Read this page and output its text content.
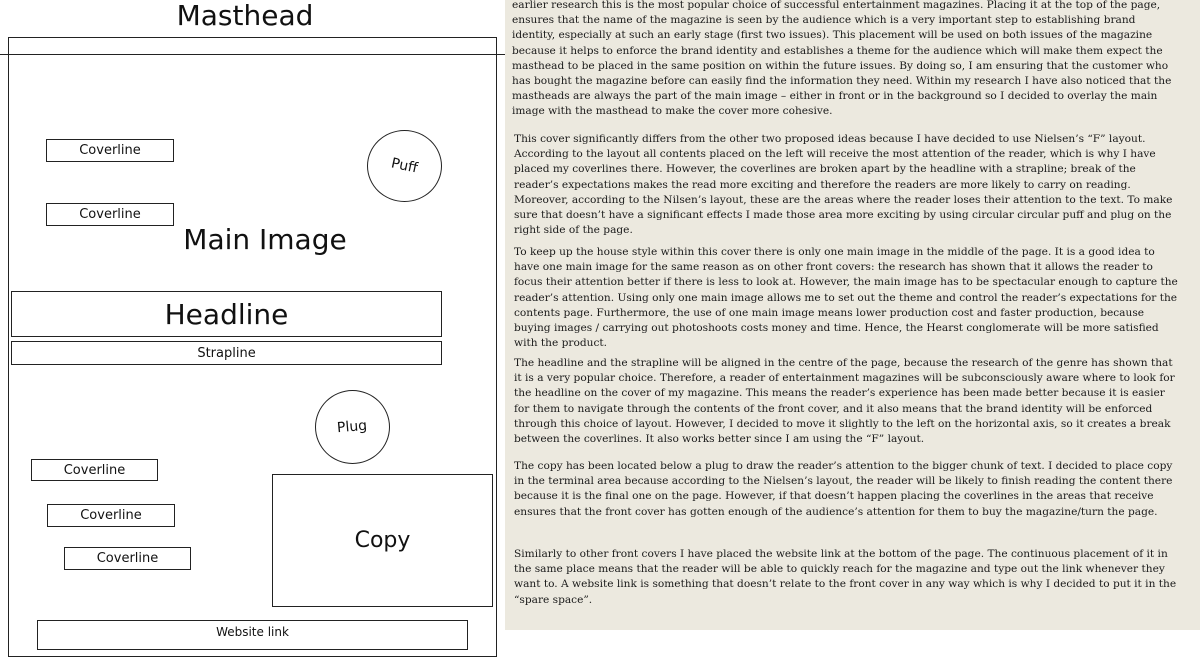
Masthead
Main Image
Coverline
Coverline
Puff
Headline
Strapline
Plug
Coverline
Coverline
Coverline
Copy
Website link

earlier research this is the most popular choice of successful entertainment magazines. Placing it at the top of the page, ensures that the name of the magazine is seen by the audience which is a very important step to establishing brand identity, especially at such an early stage (first two issues). This placement will be used on both issues of the magazine because it helps to enforce the brand identity and establishes a theme for the audience which will make them expect the masthead to be placed in the same position on within the future issues. By doing so, I am ensuring that the customer who has bought the magazine before can easily find the information they need. Within my research I have also noticed that the mastheads are always the part of the main image – either in front or in the background so I decided to overlay the main image with the masthead to make the cover more cohesive.

This cover significantly differs from the other two proposed ideas because I have decided to use Nielsen’s “F” layout. According to the layout all contents placed on the left will receive the most attention of the reader, which is why I have placed my coverlines there. However, the coverlines are broken apart by the headline with a strapline; break of the reader’s expectations makes the read more exciting and therefore the readers are more likely to carry on reading. Moreover, according to the Nilsen’s layout, these are the areas where the reader loses their attention to the text. To make sure that doesn’t have a significant effects I made those area more exciting by using circular circular puff and plug on the right side of the page.

To keep up the house style within this cover there is only one main image in the middle of the page. It is a good idea to have one main image for the same reason as on other front covers: the research has shown that it allows the reader to focus their attention better if there is less to look at. However, the main image has to be spectacular enough to capture the reader’s attention. Using only one main image allows me to set out the theme and control the reader’s expectations for the contents page. Furthermore, the use of one main image means lower production cost and faster production, because buying images / carrying out photoshoots costs money and time. Hence, the Hearst conglomerate will be more satisfied with the product.

The headline and the strapline will be aligned in the centre of the page, because the research of the genre has shown that it is a very popular choice. Therefore, a reader of entertainment magazines will be subconsciously aware where to look for the headline on the cover of my magazine. This means the reader’s experience has been made better because it is easier for them to navigate through the contents of the front cover, and it also means that the brand identity will be enforced through this choice of layout. However, I decided to move it slightly to the left on the horizontal axis, so it creates a break between the coverlines. It also works better since I am using the “F” layout.

The copy has been located below a plug to draw the reader’s attention to the bigger chunk of text. I decided to place copy in the terminal area because according to the Nielsen’s layout, the reader will be likely to finish reading the content there because it is the final one on the page. However, if that doesn’t happen placing the coverlines in the areas that receive ensures that the front cover has gotten enough of the audience’s attention for them to buy the magazine/turn the page.

Similarly to other front covers I have placed the website link at the bottom of the page. The continuous placement of it in the same place means that the reader will be able to quickly reach for the magazine and type out the link whenever they want to. A website link is something that doesn’t relate to the front cover in any way which is why I decided to put it in the “spare space”.
